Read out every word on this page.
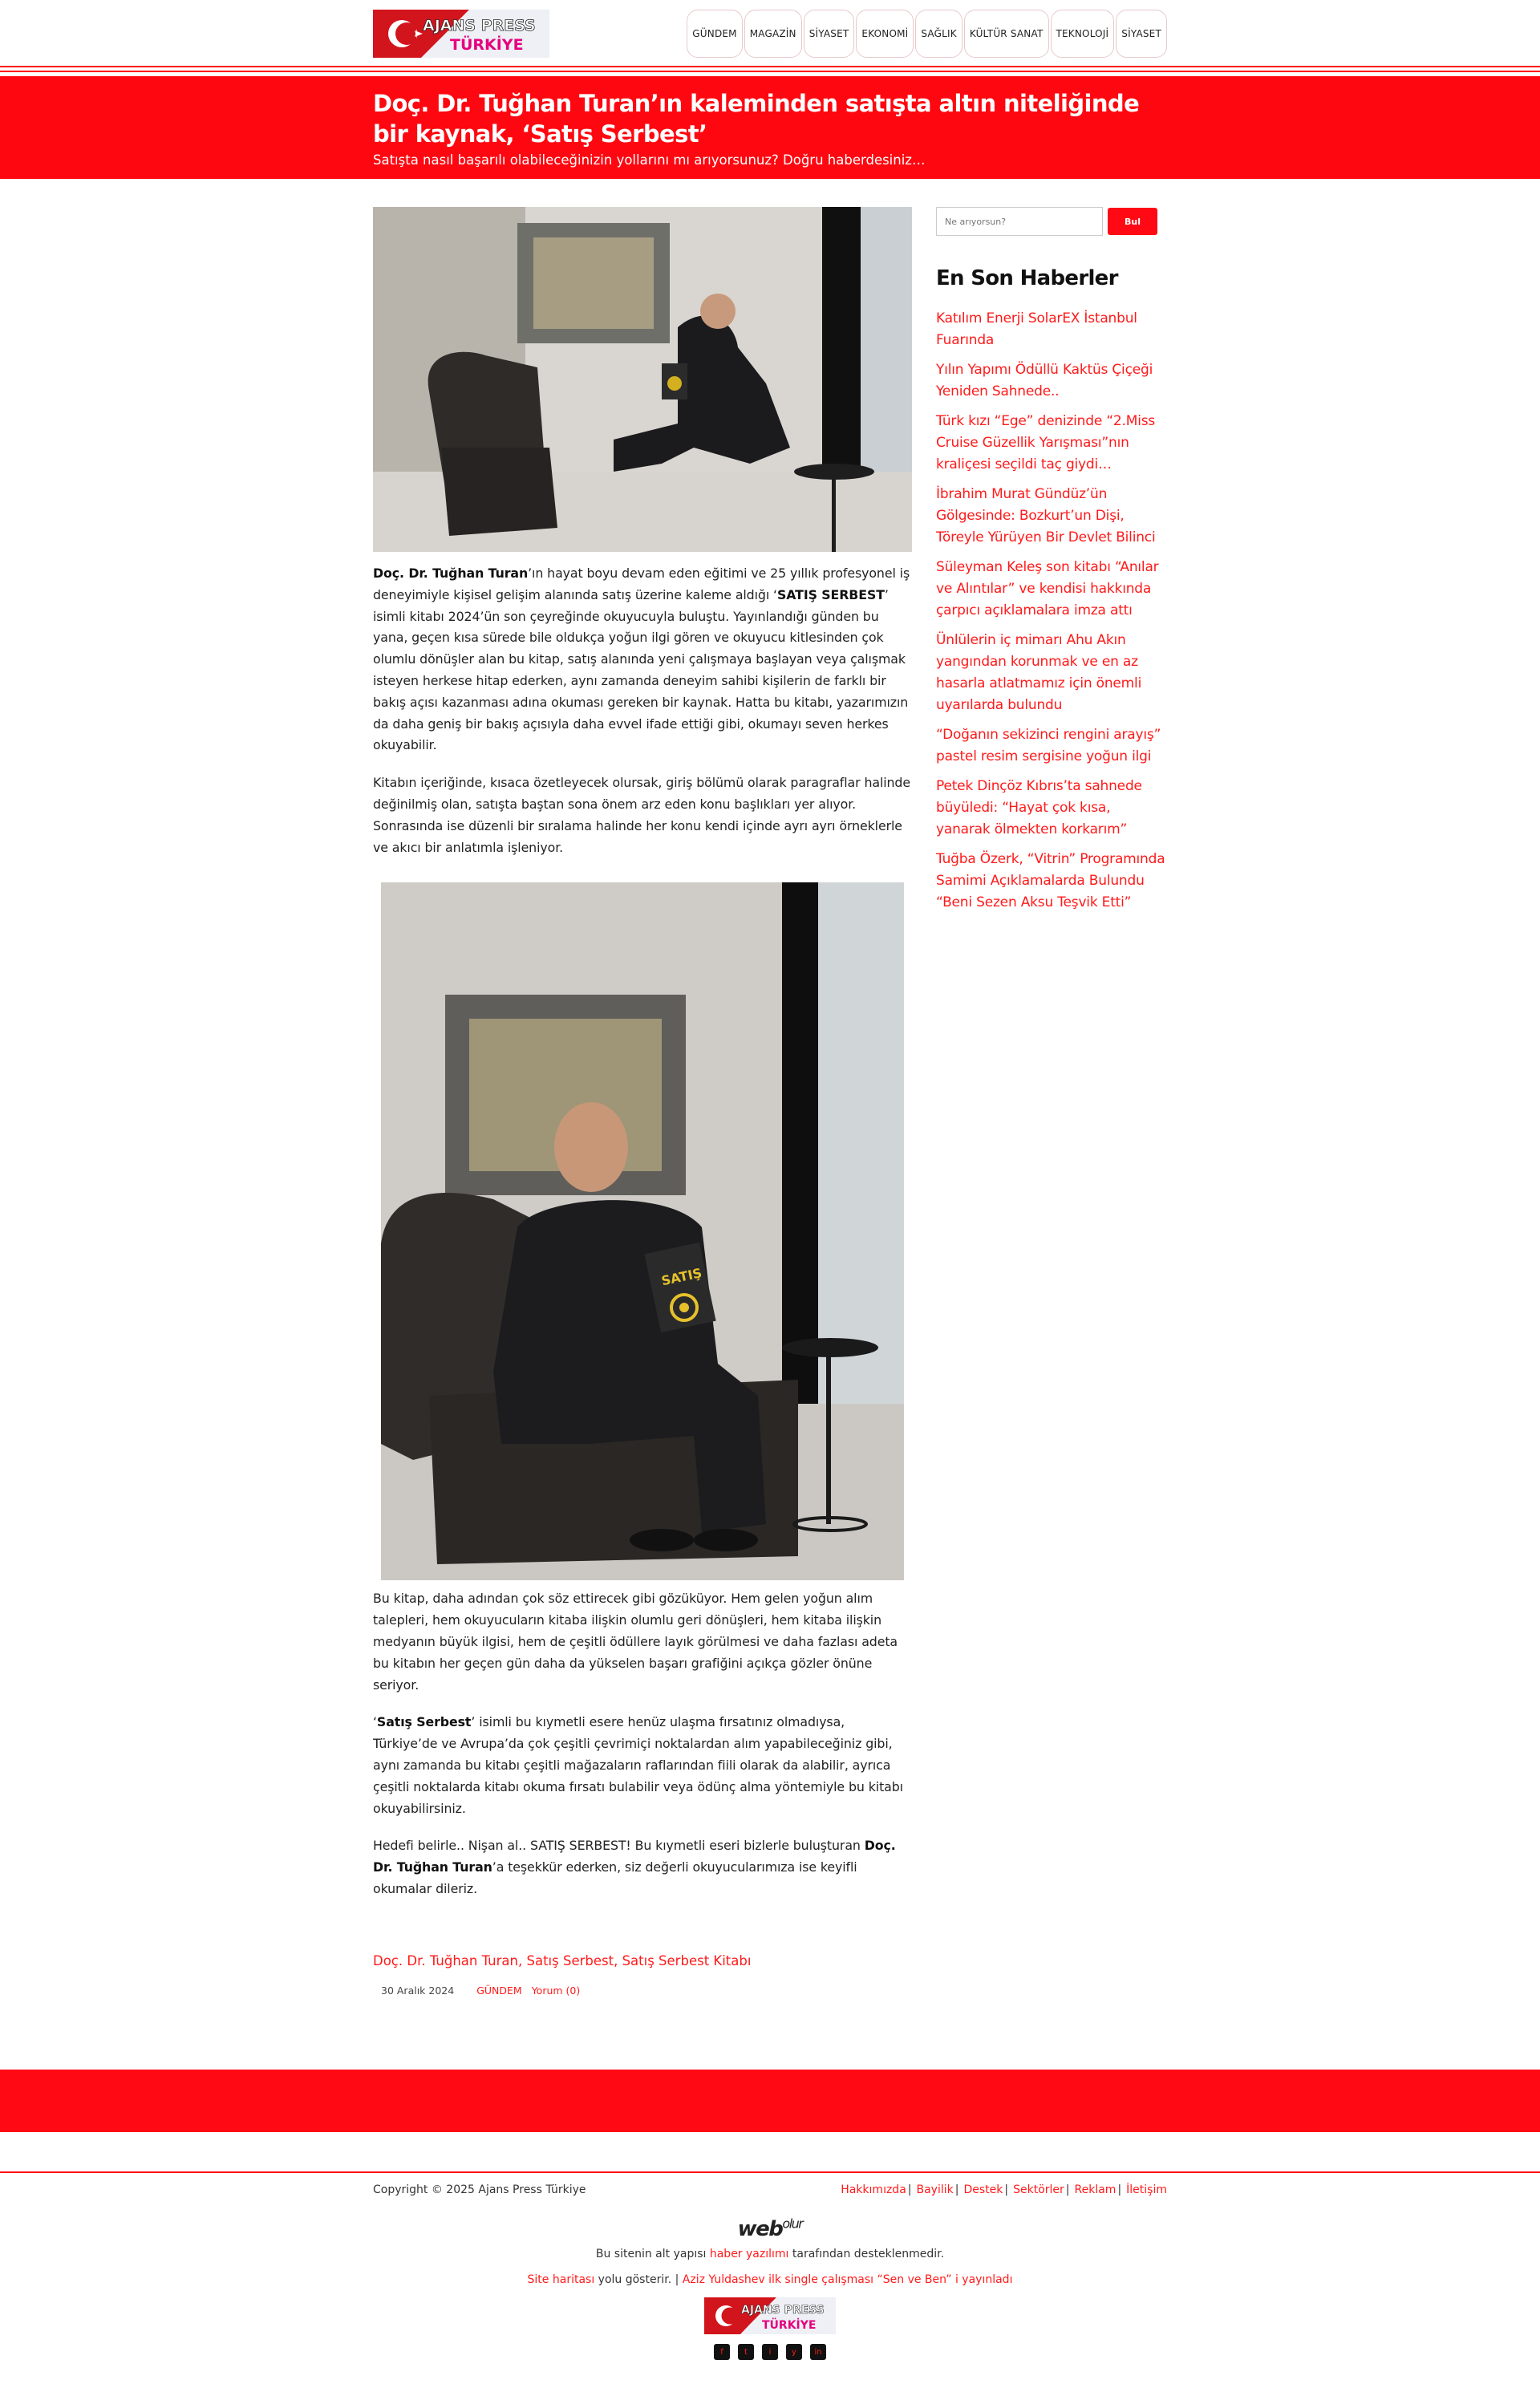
AJANS PRESS
TÜRKİYE
GÜNDEM	MAGAZİN	SİYASET	EKONOMİ	SAĞLIK	KÜLTÜR SANAT	TEKNOLOJİ	SİYASET
Doç. Dr. Tuğhan Turan’ın kaleminden satışta altın niteliğinde bir kaynak, ‘Satış Serbest’
Satışta nasıl başarılı olabileceğinizin yollarını mı arıyorsunuz? Doğru haberdesiniz…

Doç. Dr. Tuğhan Turan’ın hayat boyu devam eden eğitimi ve 25 yıllık profesyonel iş deneyimiyle kişisel gelişim alanında satış üzerine kaleme aldığı ‘SATIŞ SERBEST’ isimli kitabı 2024’ün son çeyreğinde okuyucuyla buluştu. Yayınlandığı günden bu yana, geçen kısa sürede bile oldukça yoğun ilgi gören ve okuyucu kitlesinden çok olumlu dönüşler alan bu kitap, satış alanında yeni çalışmaya başlayan veya çalışmak isteyen herkese hitap ederken, aynı zamanda deneyim sahibi kişilerin de farklı bir bakış açısı kazanması adına okuması gereken bir kaynak. Hatta bu kitabı, yazarımızın da daha geniş bir bakış açısıyla daha evvel ifade ettiği gibi, okumayı seven herkes okuyabilir.

Kitabın içeriğinde, kısaca özetleyecek olursak, giriş bölümü olarak paragraflar halinde değinilmiş olan, satışta baştan sona önem arz eden konu başlıkları yer alıyor. Sonrasında ise düzenli bir sıralama halinde her konu kendi içinde ayrı ayrı örneklerle ve akıcı bir anlatımla işleniyor.

SATIŞ

Bu kitap, daha adından çok söz ettirecek gibi gözüküyor. Hem gelen yoğun alım talepleri, hem okuyucuların kitaba ilişkin olumlu geri dönüşleri, hem kitaba ilişkin medyanın büyük ilgisi, hem de çeşitli ödüllere layık görülmesi ve daha fazlası adeta bu kitabın her geçen gün daha da yükselen başarı grafiğini açıkça gözler önüne seriyor.

‘Satış Serbest’ isimli bu kıymetli esere henüz ulaşma fırsatınız olmadıysa, Türkiye’de ve Avrupa’da çok çeşitli çevrimiçi noktalardan alım yapabileceğiniz gibi, aynı zamanda bu kitabı çeşitli mağazaların raflarından fiili olarak da alabilir, ayrıca çeşitli noktalarda kitabı okuma fırsatı bulabilir veya ödünç alma yöntemiyle bu kitabı okuyabilirsiniz.

Hedefi belirle.. Nişan al.. SATIŞ SERBEST! Bu kıymetli eseri bizlerle buluşturan Doç. Dr. Tuğhan Turan’a teşekkür ederken, siz değerli okuyucularımıza ise keyifli okumalar dileriz.

Doç. Dr. Tuğhan Turan, Satış Serbest, Satış Serbest Kitabı
30 Aralık 2024 GÜNDEM Yorum (0)
Ne arıyorsun?
Bul
En Son Haberler
Katılım Enerji SolarEX İstanbul Fuarında
Yılın Yapımı Ödüllü Kaktüs Çiçeği Yeniden Sahnede..
Türk kızı “Ege” denizinde “2.Miss Cruise Güzellik Yarışması”nın kraliçesi seçildi taç giydi…
İbrahim Murat Gündüz’ün Gölgesinde: Bozkurt’un Dişi, Töreyle Yürüyen Bir Devlet Bilinci
Süleyman Keleş son kitabı “Anılar ve Alıntılar” ve kendisi hakkında çarpıcı açıklamalara imza attı
Ünlülerin iç mimarı Ahu Akın yangından korunmak ve en az hasarla atlatmamız için önemli uyarılarda bulundu
“Doğanın sekizinci rengini arayış” pastel resim sergisine yoğun ilgi
Petek Dinçöz Kıbrıs’ta sahnede büyüledi: “Hayat çok kısa, yanarak ölmekten korkarım”
Tuğba Özerk, “Vitrin” Programında Samimi Açıklamalarda Bulundu “Beni Sezen Aksu Teşvik Etti”
Copyright © 2025 Ajans Press Türkiye	Hakkımızda | Bayilik | Destek | Sektörler | Reklam | İletişim
web$^{olur}$
Bu sitenin alt yapısı haber yazılımı tarafından desteklenmedir.
Site haritası yolu gösterir. | Aziz Yuldashev ilk single çalışması “Sen ve Ben” i yayınladı
AJANS PRESS
TÜRKİYE
f	t	i	y	in
